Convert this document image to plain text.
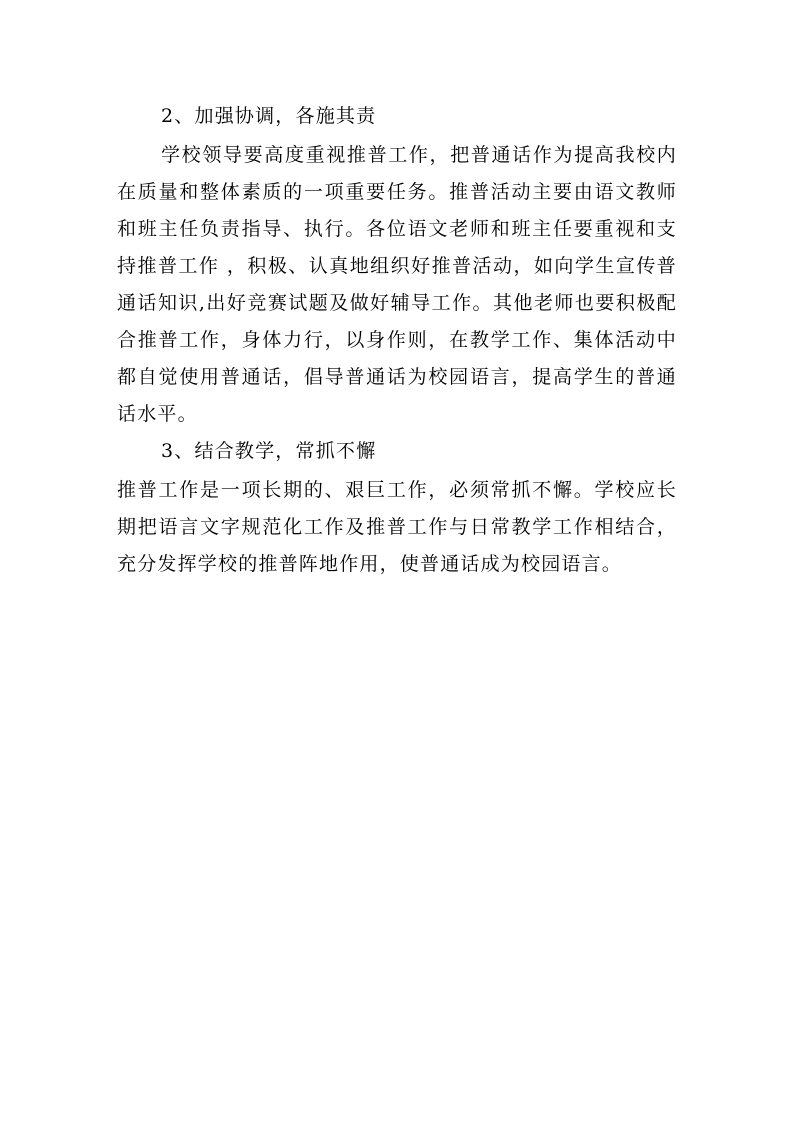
2、加强协调，各施其责

学校领导要高度重视推普工作，把普通话作为提高我校内在质量和整体素质的一项重要任务。推普活动主要由语文教师和班主任负责指导、执行。各位语文老师和班主任要重视和支持推普工作 ，积极、认真地组织好推普活动，如向学生宣传普通话知识,出好竞赛试题及做好辅导工作。其他老师也要积极配合推普工作，身体力行，以身作则，在教学工作、集体活动中都自觉使用普通话，倡导普通话为校园语言，提高学生的普通话水平。

3、结合教学，常抓不懈

推普工作是一项长期的、艰巨工作，必须常抓不懈。学校应长期把语言文字规范化工作及推普工作与日常教学工作相结合，充分发挥学校的推普阵地作用，使普通话成为校园语言。
